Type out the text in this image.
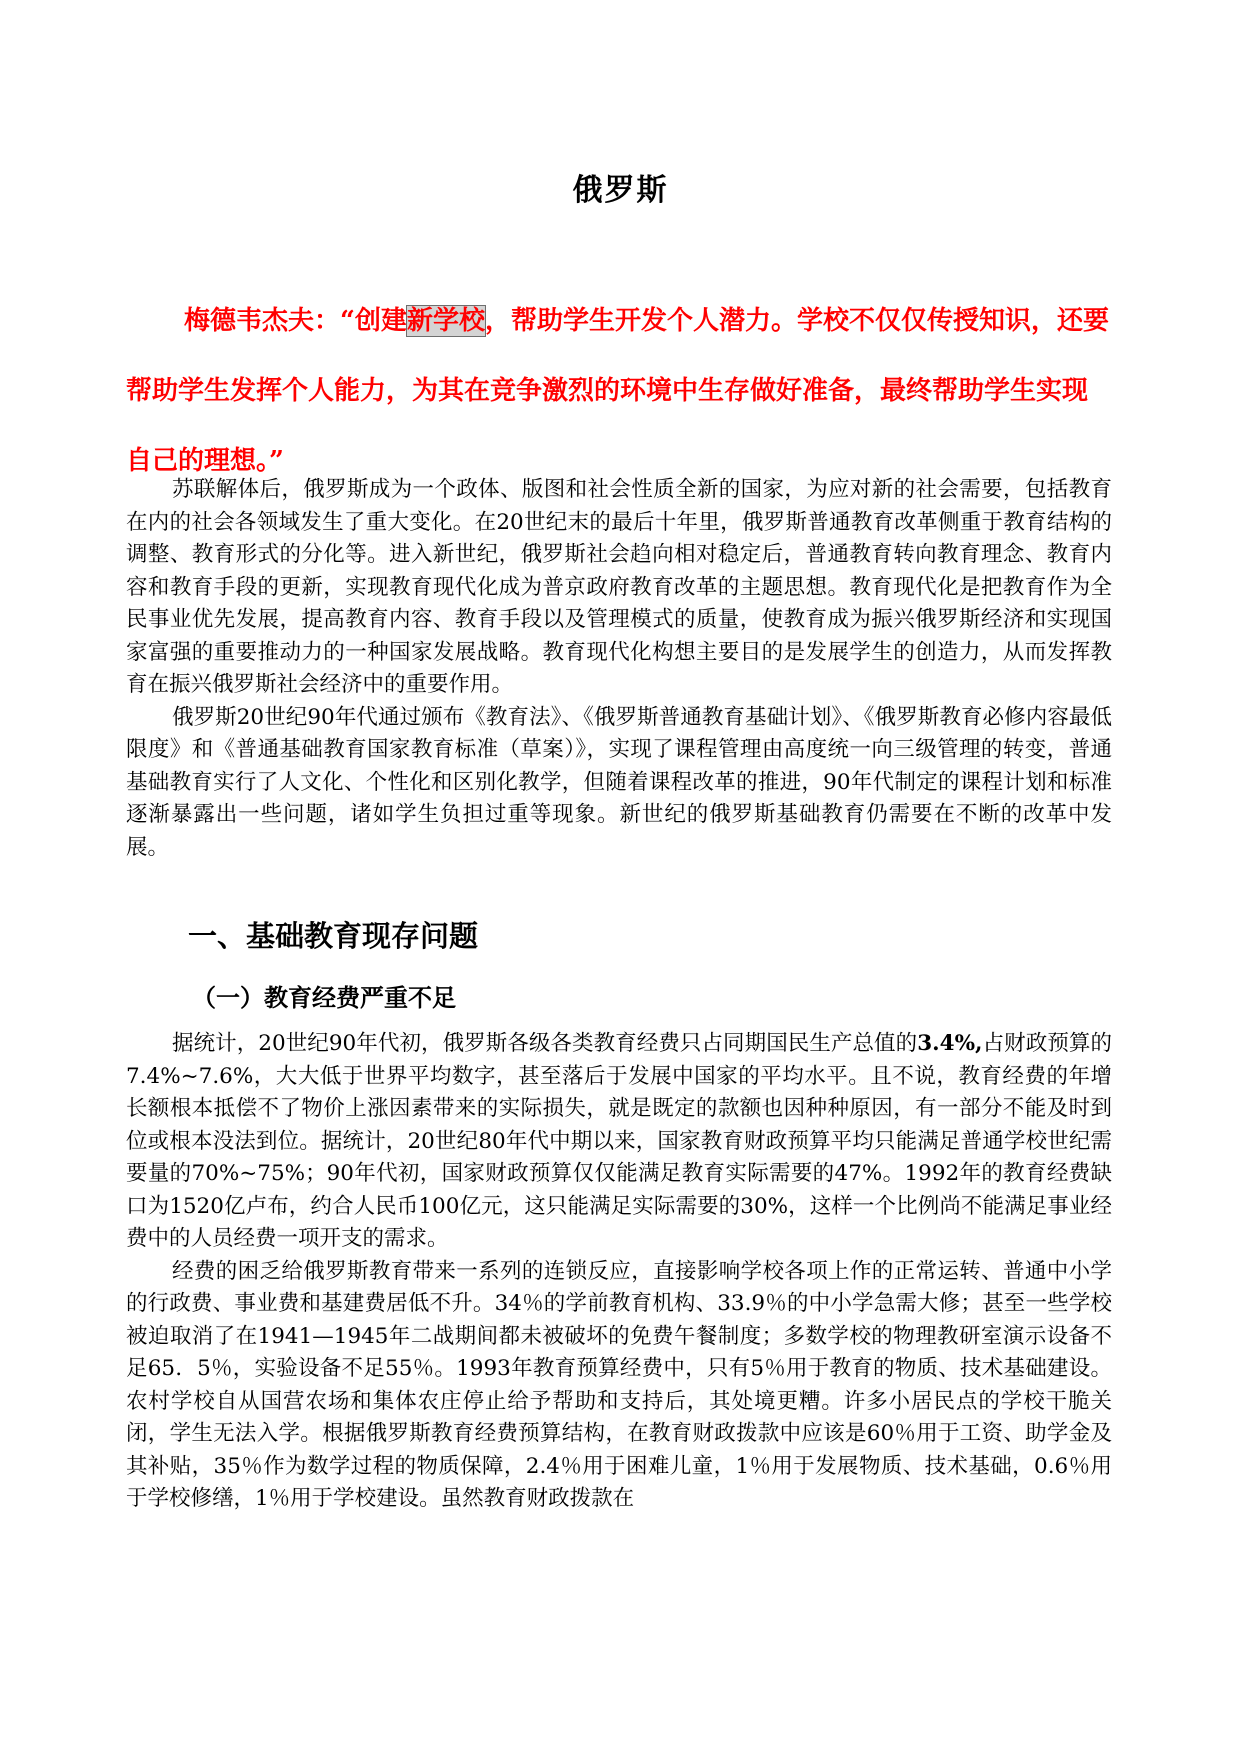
俄罗斯

梅德韦杰夫：“创建新学校，帮助学生开发个人潜力。学校不仅仅传授知识，还要帮助学生发挥个人能力，为其在竞争激烈的环境中生存做好准备，最终帮助学生实现自己的理想。”

苏联解体后，俄罗斯成为一个政体、版图和社会性质全新的国家，为应对新的社会需要，包括教育在内的社会各领域发生了重大变化。在20世纪末的最后十年里，俄罗斯普通教育改革侧重于教育结构的调整、教育形式的分化等。进入新世纪，俄罗斯社会趋向相对稳定后，普通教育转向教育理念、教育内容和教育手段的更新，实现教育现代化成为普京政府教育改革的主题思想。教育现代化是把教育作为全民事业优先发展，提高教育内容、教育手段以及管理模式的质量，使教育成为振兴俄罗斯经济和实现国家富强的重要推动力的一种国家发展战略。教育现代化构想主要目的是发展学生的创造力，从而发挥教育在振兴俄罗斯社会经济中的重要作用。

俄罗斯20世纪90年代通过颁布《教育法》、《俄罗斯普通教育基础计划》、《俄罗斯教育必修内容最低限度》和《普通基础教育国家教育标准（草案）》，实现了课程管理由高度统一向三级管理的转变，普通基础教育实行了人文化、个性化和区别化教学，但随着课程改革的推进，90年代制定的课程计划和标准逐渐暴露出一些问题，诸如学生负担过重等现象。新世纪的俄罗斯基础教育仍需要在不断的改革中发展。

一、基础教育现存问题
（一）教育经费严重不足

据统计，20世纪90年代初，俄罗斯各级各类教育经费只占同期国民生产总值的3.4%,占财政预算的7.4%~7.6%，大大低于世界平均数字，甚至落后于发展中国家的平均水平。且不说，教育经费的年增长额根本抵偿不了物价上涨因素带来的实际损失，就是既定的款额也因种种原因，有一部分不能及时到位或根本没法到位。据统计，20世纪80年代中期以来，国家教育财政预算平均只能满足普通学校世纪需要量的70%~75%；90年代初，国家财政预算仅仅能满足教育实际需要的47%。1992年的教育经费缺口为1520亿卢布，约合人民币100亿元，这只能满足实际需要的30%，这样一个比例尚不能满足事业经费中的人员经费一项开支的需求。

经费的困乏给俄罗斯教育带来一系列的连锁反应，直接影响学校各项上作的正常运转、普通中小学的行政费、事业费和基建费居低不升。34％的学前教育机构、33.9％的中小学急需大修；甚至一些学校被迫取消了在1941—1945年二战期间都未被破坏的免费午餐制度；多数学校的物理教研室演示设备不足65．5％，实验设备不足55％。1993年教育预算经费中，只有5％用于教育的物质、技术基础建设。农村学校自从国营农场和集体农庄停止给予帮助和支持后，其处境更糟。许多小居民点的学校干脆关闭，学生无法入学。根据俄罗斯教育经费预算结构，在教育财政拨款中应该是60％用于工资、助学金及其补贴，35％作为数学过程的物质保障，2.4％用于困难儿童，1％用于发展物质、技术基础，0.6％用于学校修缮，1％用于学校建设。虽然教育财政拨款在
